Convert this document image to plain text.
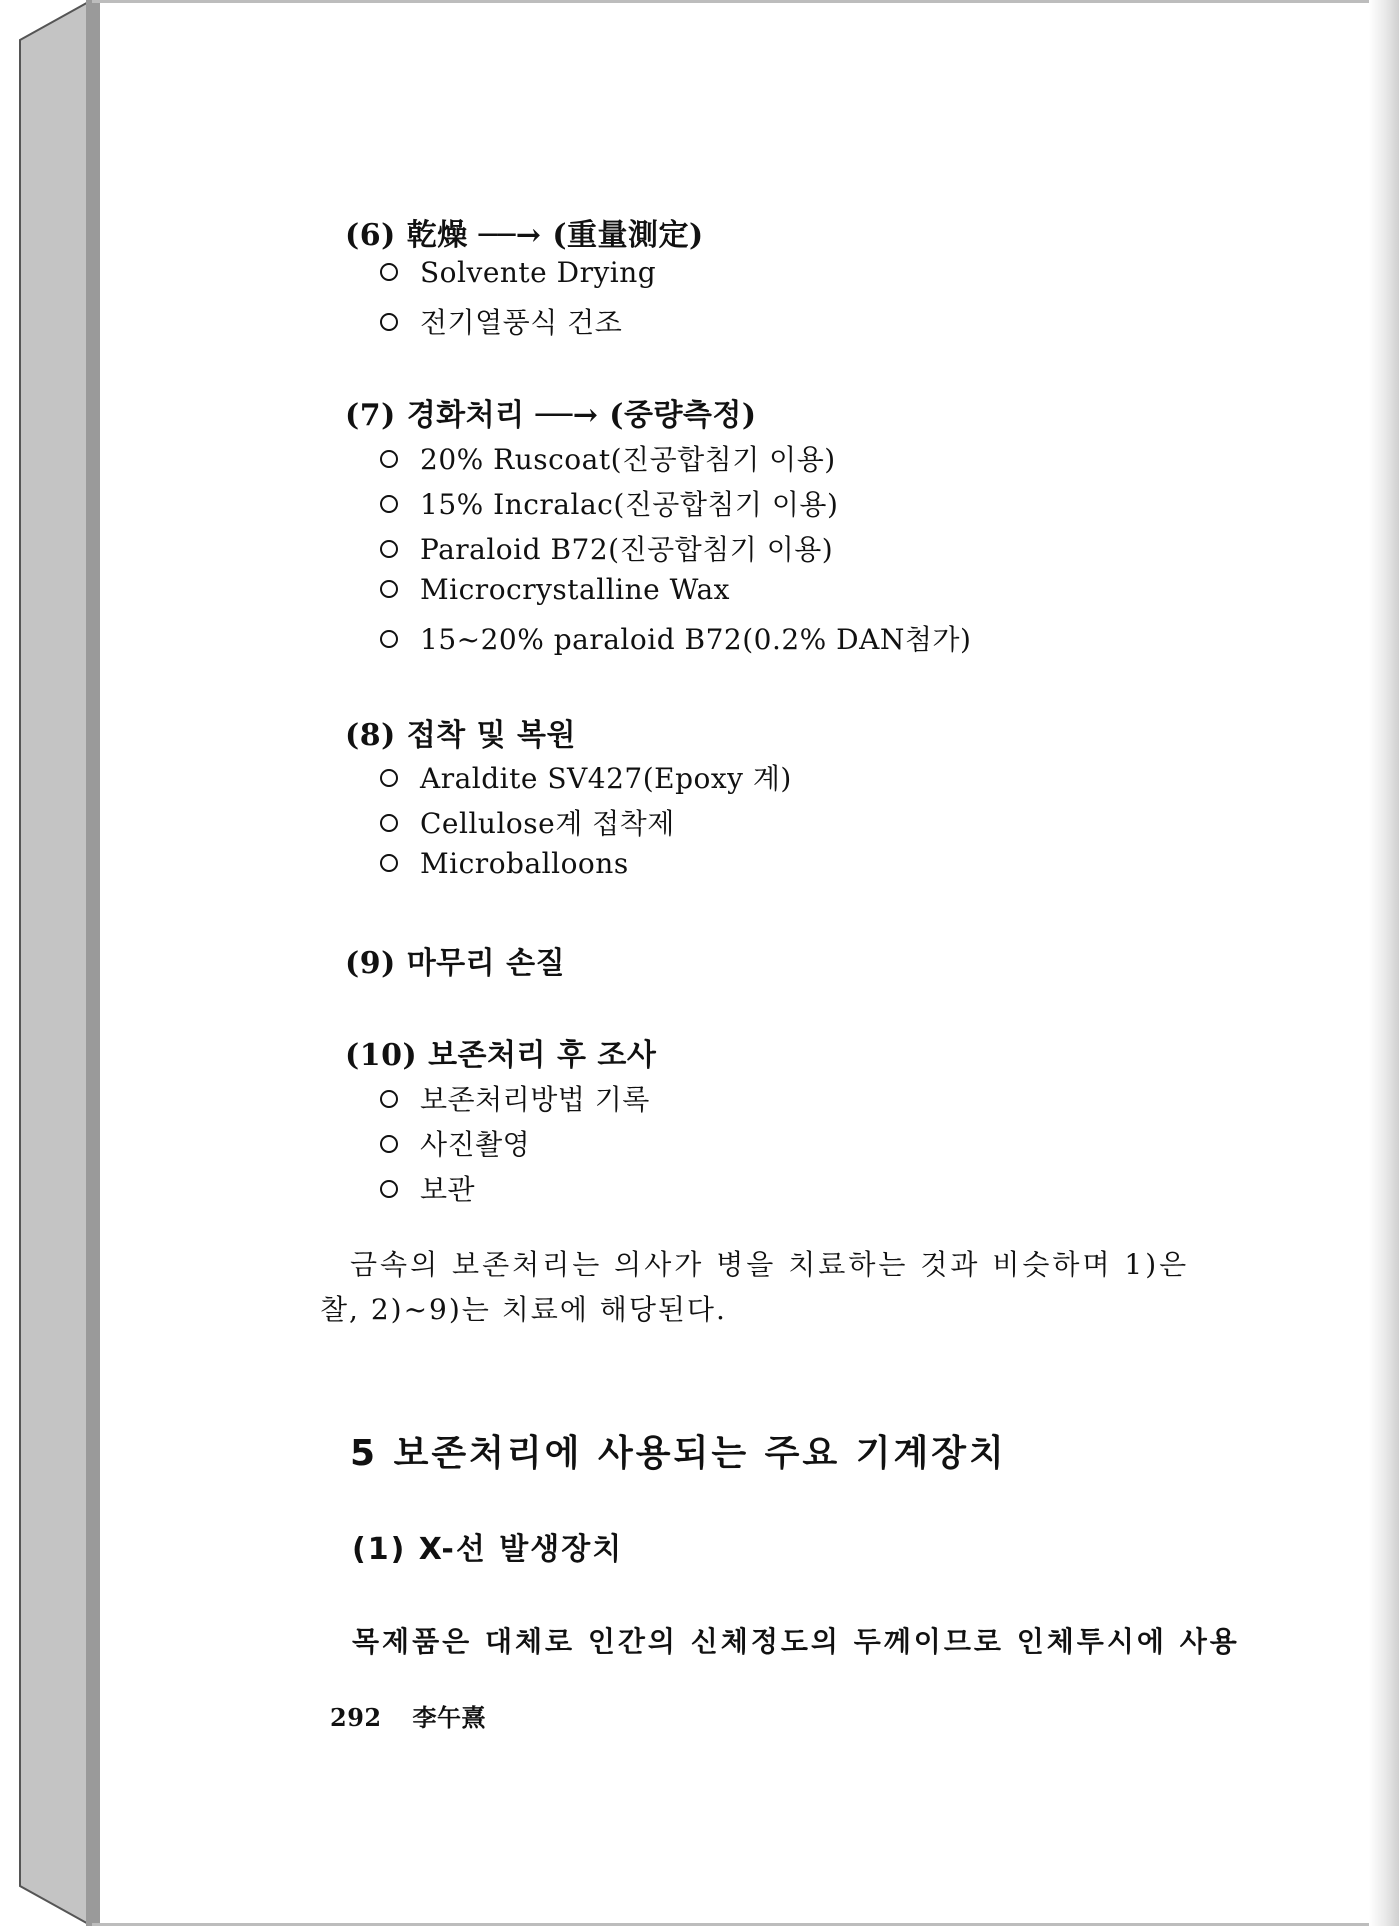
(6) 乾燥 ──→ (重量測定)
Solvente Drying
전기열풍식 건조
(7) 경화처리 ──→ (중량측정)
20% Ruscoat(진공합침기 이용)
15% Incralac(진공합침기 이용)
Paraloid B72(진공합침기 이용)
Microcrystalline Wax
15~20% paraloid B72(0.2% DAN첨가)
(8) 접착 및 복원
Araldite SV427(Epoxy 계)
Cellulose계 접착제
Microballoons
(9) 마무리 손질
(10) 보존처리 후 조사
보존처리방법 기록
사진촬영
보관
금속의 보존처리는 의사가 병을 치료하는 것과 비슷하며 1)은
찰, 2)~9)는 치료에 해당된다.
5 보존처리에 사용되는 주요 기계장치
(1) X-선 발생장치
목제품은 대체로 인간의 신체정도의 두께이므로 인체투시에 사용
292 李午熹
